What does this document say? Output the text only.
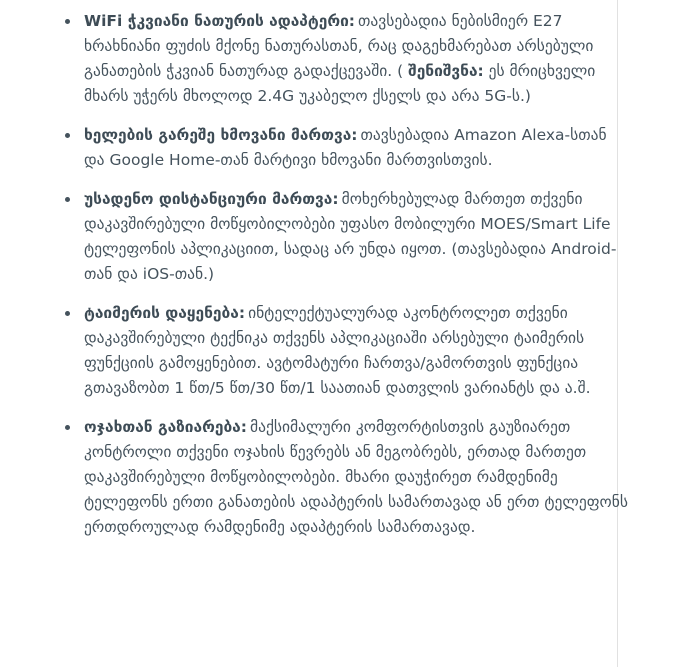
WiFi ჭკვიანი ნათურის ადაპტერი: თავსებადია ნებისმიერ E27 ხრახნიანი ფუძის მქონე ნათურასთან, რაც დაგეხმარებათ არსებული განათების ჭკვიან ნათურად გადაქცევაში. ( შენიშვნა: ეს მრიცხველი მხარს უჭერს მხოლოდ 2.4G უკაბელო ქსელს და არა 5G-ს.)
ხელების გარეშე ხმოვანი მართვა: თავსებადია Amazon Alexa-სთან და Google Home-თან მარტივი ხმოვანი მართვისთვის.
უსადენო დისტანციური მართვა: მოხერხებულად მართეთ თქვენი დაკავშირებული მოწყობილობები უფასო მობილური MOES/Smart Life ტელეფონის აპლიკაციით, სადაც არ უნდა იყოთ. (თავსებადია Android-თან და iOS-თან.)
ტაიმერის დაყენება: ინტელექტუალურად აკონტროლეთ თქვენი დაკავშირებული ტექნიკა თქვენს აპლიკაციაში არსებული ტაიმერის ფუნქციის გამოყენებით. ავტომატური ჩართვა/გამორთვის ფუნქცია გთავაზობთ 1 წთ/5 წთ/30 წთ/1 საათიან დათვლის ვარიანტს და ა.შ.
ოჯახთან გაზიარება: მაქსიმალური კომფორტისთვის გაუზიარეთ კონტროლი თქვენი ოჯახის წევრებს ან მეგობრებს, ერთად მართეთ დაკავშირებული მოწყობილობები. მხარი დაუჭირეთ რამდენიმე ტელეფონს ერთი განათების ადაპტერის სამართავად ან ერთ ტელეფონს ერთდროულად რამდენიმე ადაპტერის სამართავად.
